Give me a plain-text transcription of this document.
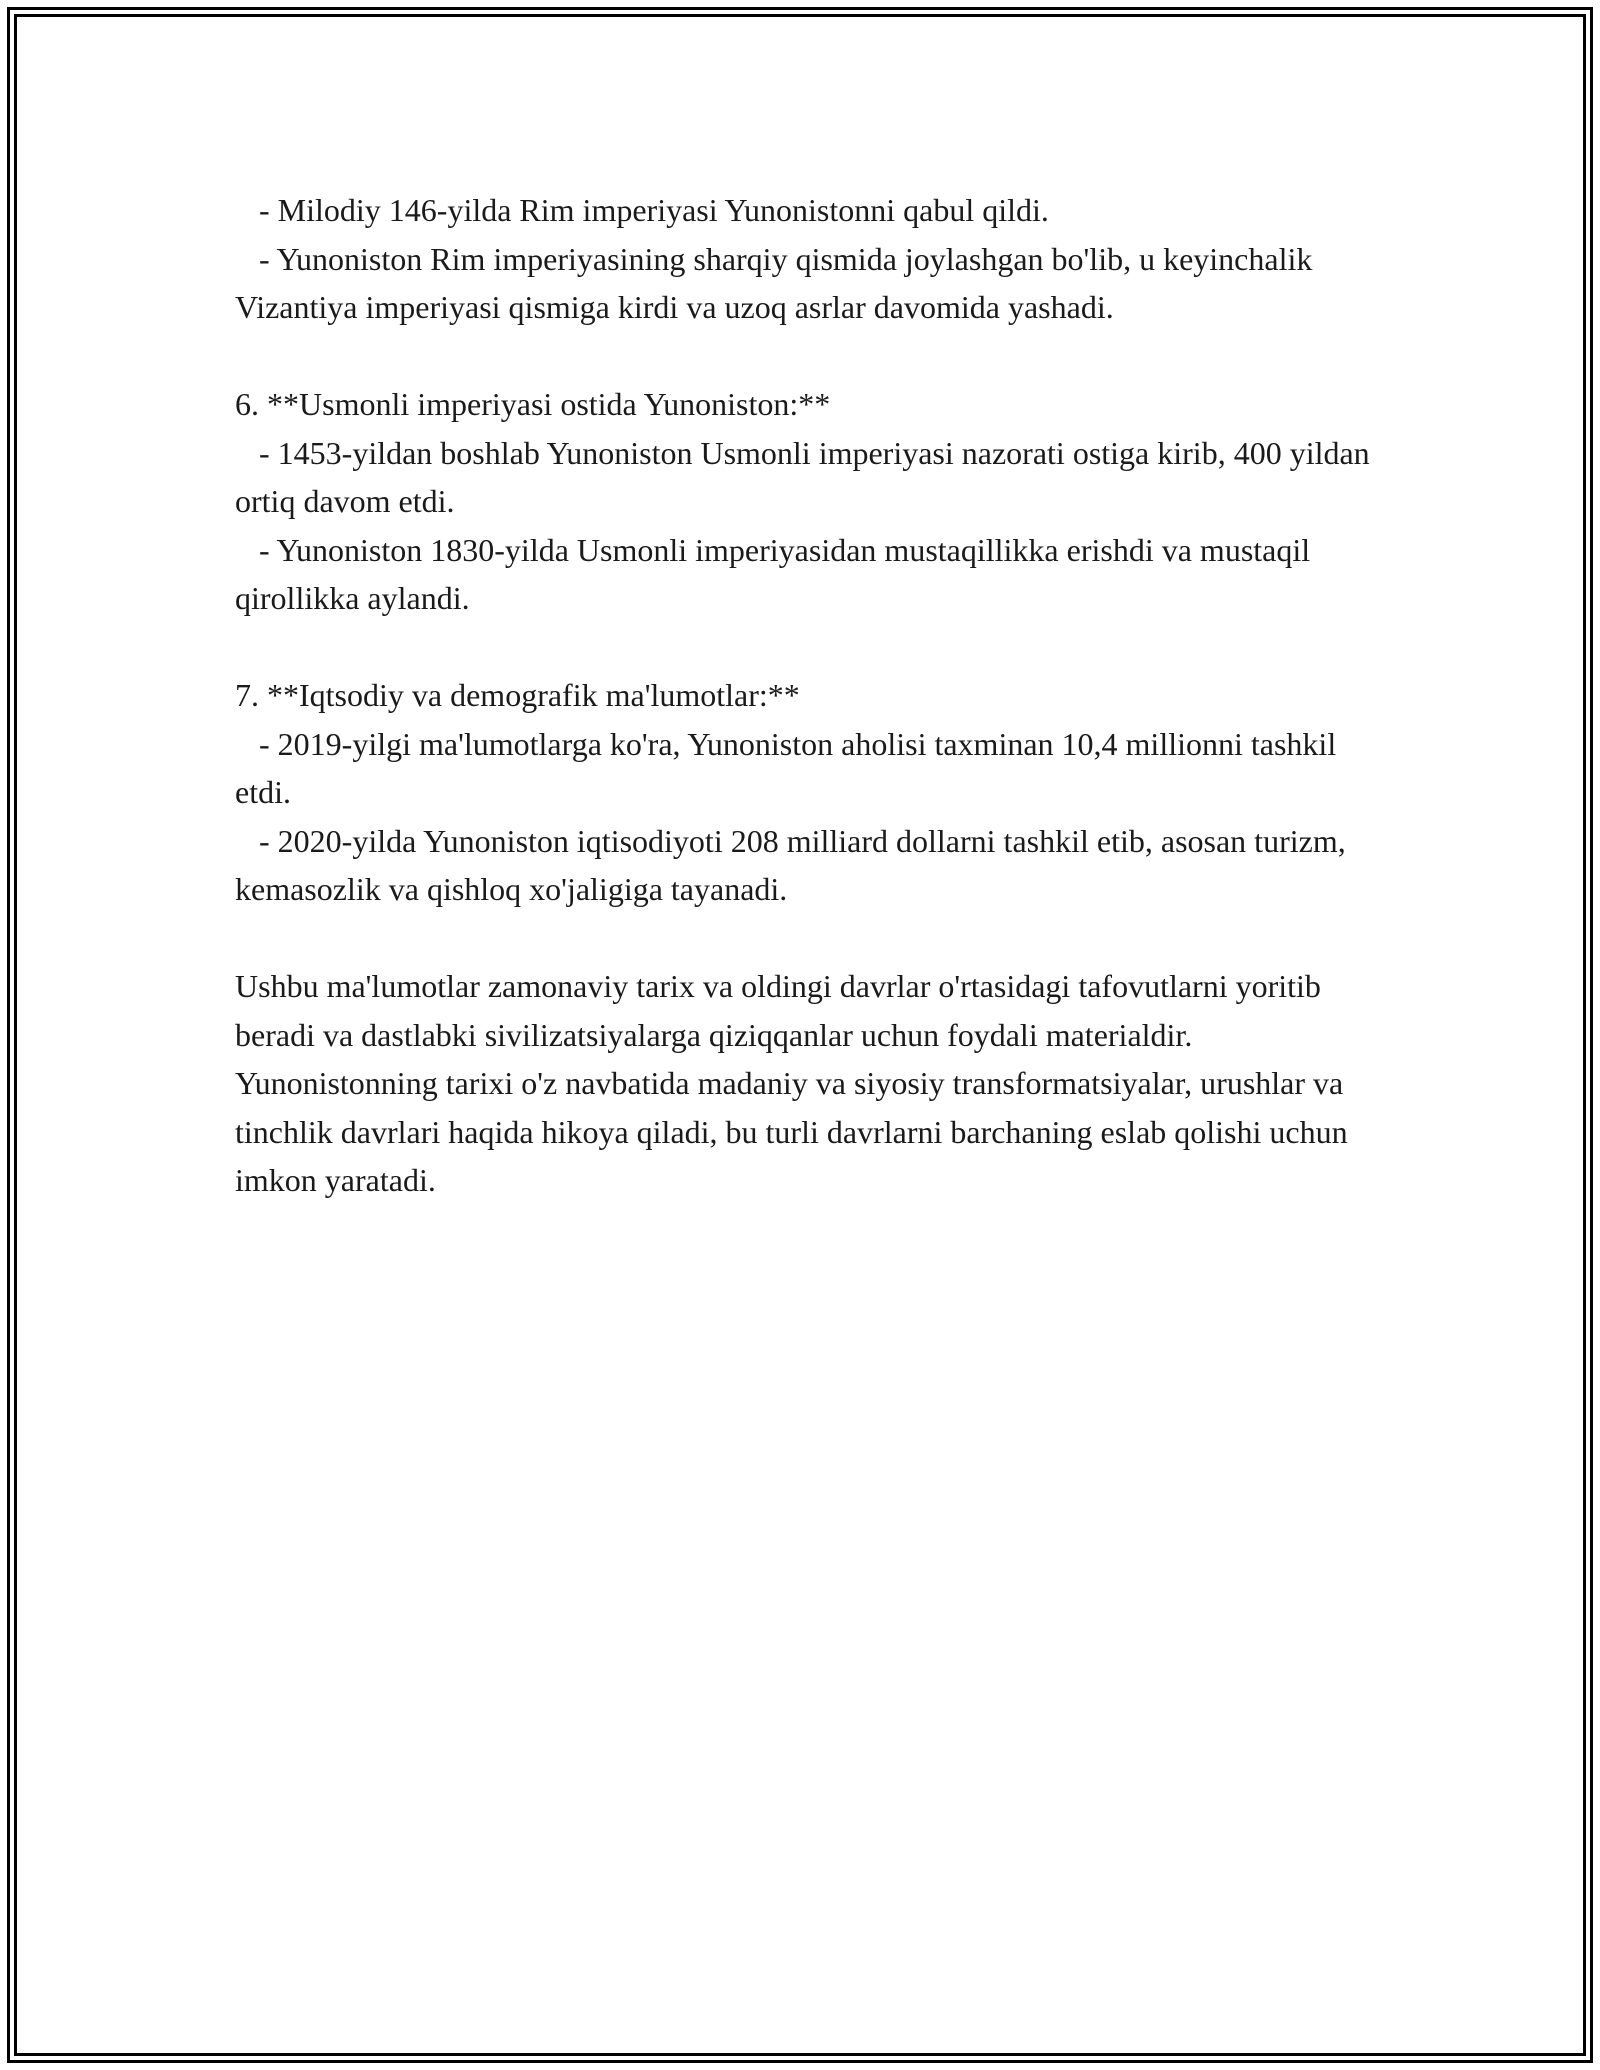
- Milodiy 146-yilda Rim imperiyasi Yunonistonni qabul qildi.

- Yunoniston Rim imperiyasining sharqiy qismida joylashgan bo'lib, u keyinchalik Vizantiya imperiyasi qismiga kirdi va uzoq asrlar davomida yashadi.

6. **Usmonli imperiyasi ostida Yunoniston:**

- 1453-yildan boshlab Yunoniston Usmonli imperiyasi nazorati ostiga kirib, 400 yildan ortiq davom etdi.

- Yunoniston 1830-yilda Usmonli imperiyasidan mustaqillikka erishdi va mustaqil qirollikka aylandi.

7. **Iqtsodiy va demografik ma'lumotlar:**

- 2019-yilgi ma'lumotlarga ko'ra, Yunoniston aholisi taxminan 10,4 millionni tashkil etdi.

- 2020-yilda Yunoniston iqtisodiyoti 208 milliard dollarni tashkil etib, asosan turizm, kemasozlik va qishloq xo'jaligiga tayanadi.

Ushbu ma'lumotlar zamonaviy tarix va oldingi davrlar o'rtasidagi tafovutlarni yoritib beradi va dastlabki sivilizatsiyalarga qiziqqanlar uchun foydali materialdir. Yunonistonning tarixi o'z navbatida madaniy va siyosiy transformatsiyalar, urushlar va tinchlik davrlari haqida hikoya qiladi, bu turli davrlarni barchaning eslab qolishi uchun imkon yaratadi.
